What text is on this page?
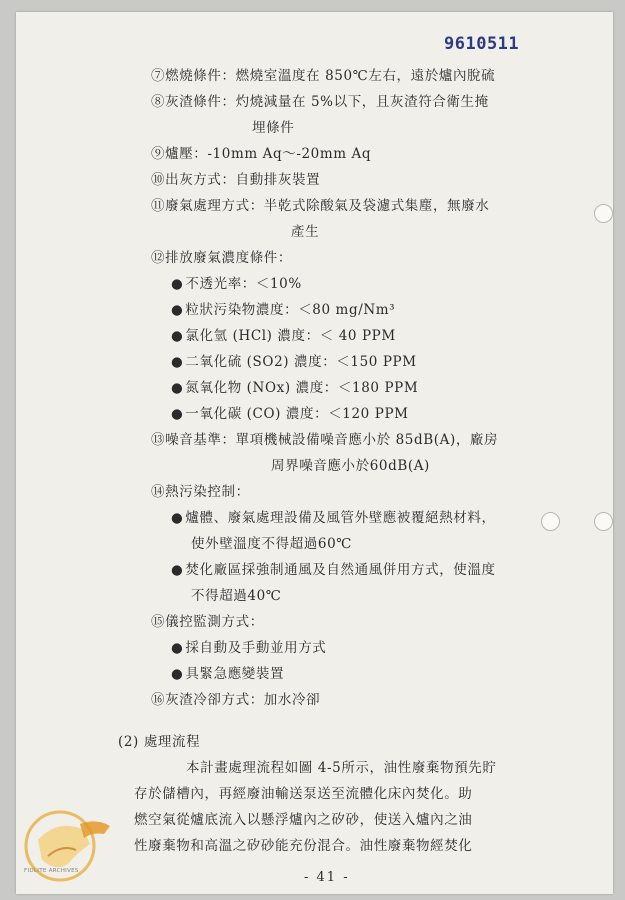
9610511
⑦燃燒條件：燃燒室溫度在 850℃左右，遠於爐內脫硫
⑧灰渣條件：灼燒減量在 5%以下，且灰渣符合衛生掩
埋條件
⑨爐壓：-10mm Aq～-20mm Aq
⑩出灰方式：自動排灰裝置
⑪廢氣處理方式：半乾式除酸氣及袋濾式集塵，無廢水
產生
⑫排放廢氣濃度條件：
● 不透光率：＜10%
● 粒狀污染物濃度：＜80 mg/Nm³
● 氯化氫 (HCl) 濃度：＜ 40 PPM
● 二氧化硫 (SO2) 濃度：＜150 PPM
● 氮氧化物 (NOx) 濃度：＜180 PPM
● 一氧化碳 (CO) 濃度：＜120 PPM
⑬噪音基準：單項機械設備噪音應小於 85dB(A)，廠房
周界噪音應小於60dB(A)
⑭熱污染控制：
● 爐體、廢氣處理設備及風管外壁應被覆絕熱材料，
使外壁溫度不得超過60℃
● 焚化廠區採強制通風及自然通風併用方式，使溫度
不得超過40℃
⑮儀控監測方式：
● 採自動及手動並用方式
● 具緊急應變裝置
⑯灰渣冷卻方式：加水冷卻
(2) 處理流程
本計畫處理流程如圖 4-5所示，油性廢棄物預先貯
存於儲槽內，再經廢油輸送泵送至流體化床內焚化。助
燃空氣從爐底流入以懸浮爐內之矽砂，使送入爐內之油
性廢棄物和高溫之矽砂能充份混合。油性廢棄物經焚化
- 41 -
FIDLITE ARCHIVES
